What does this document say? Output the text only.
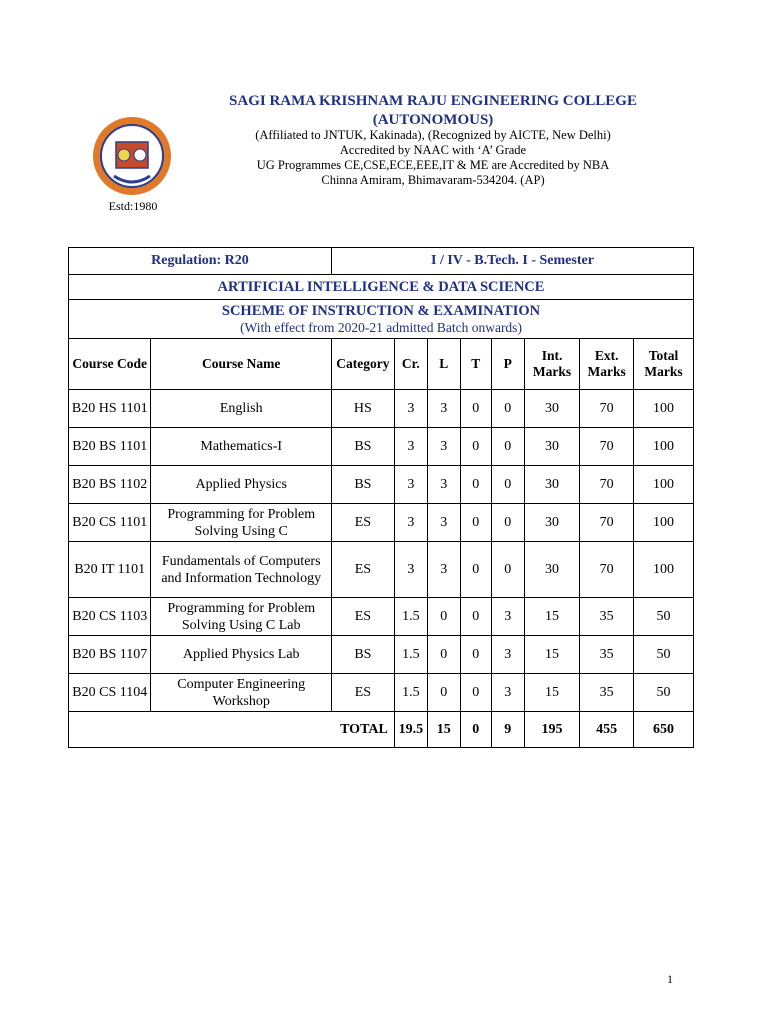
Estd:1980
SAGI RAMA KRISHNAM RAJU ENGINEERING COLLEGE
(AUTONOMOUS)
(Affiliated to JNTUK, Kakinada), (Recognized by AICTE, New Delhi)
Accredited by NAAC with ‘A’ Grade
UG Programmes CE,CSE,ECE,EEE,IT & ME are Accredited by NBA
Chinna Amiram, Bhimavaram-534204. (AP)
Regulation: R20		I / IV - B.Tech. I - Semester							
ARTIFICIAL INTELLIGENCE & DATA SCIENCE									

SCHEME OF INSTRUCTION & EXAMINATION
(With effect from 2020-21 admitted Batch onwards)									

Course Code	Course Name	Category	Cr.	L	T	P	Int. Marks	Ext. Marks	Total Marks
B20 HS 1101	English	HS	3	3	0	0	30	70	100
B20 BS 1101	Mathematics-I	BS	3	3	0	0	30	70	100
B20 BS 1102	Applied Physics	BS	3	3	0	0	30	70	100
B20 CS 1101	Programming for Problem Solving Using C	ES	3	3	0	0	30	70	100
B20 IT 1101	Fundamentals of Computers and Information Technology	ES	3	3	0	0	30	70	100
B20 CS 1103	Programming for Problem Solving Using C Lab	ES	1.5	0	0	3	15	35	50
B20 BS 1107	Applied Physics Lab	BS	1.5	0	0	3	15	35	50
B20 CS 1104	Computer Engineering Workshop	ES	1.5	0	0	3	15	35	50
TOTAL			19.5	15	0	9	195	455	650
1
